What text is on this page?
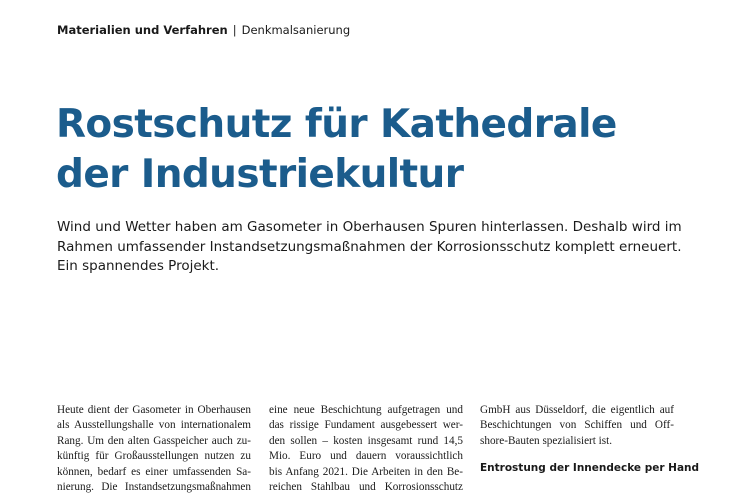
Materialien und Verfahren | Denkmalsanierung
Rostschutz für Kathedrale
der Industriekultur

Wind und Wetter haben am Gasometer in Oberhausen Spuren hinterlassen. Deshalb wird im
Rahmen umfassender Instandsetzungsmaßnahmen der Korrosionsschutz komplett erneuert.
Ein spannendes Projekt.

Heute dient der Gasometer in Oberhausen
als Ausstellungshalle von internationalem
Rang. Um den alten Gasspeicher auch zu-
künftig für Großausstellungen nutzen zu
können, bedarf es einer umfassenden Sa-
nierung. Die Instandsetzungsmaßnahmen
eine neue Beschichtung aufgetragen und
das rissige Fundament ausgebessert wer-
den sollen – kosten insgesamt rund 14,5
Mio. Euro und dauern voraussichtlich
bis Anfang 2021. Die Arbeiten in den Be-
reichen Stahlbau und Korrosionsschutz
GmbH aus Düsseldorf, die eigentlich auf
Beschichtungen von Schiffen und Off-
shore-Bauten spezialisiert ist.
Entrostung der Innendecke per Hand
